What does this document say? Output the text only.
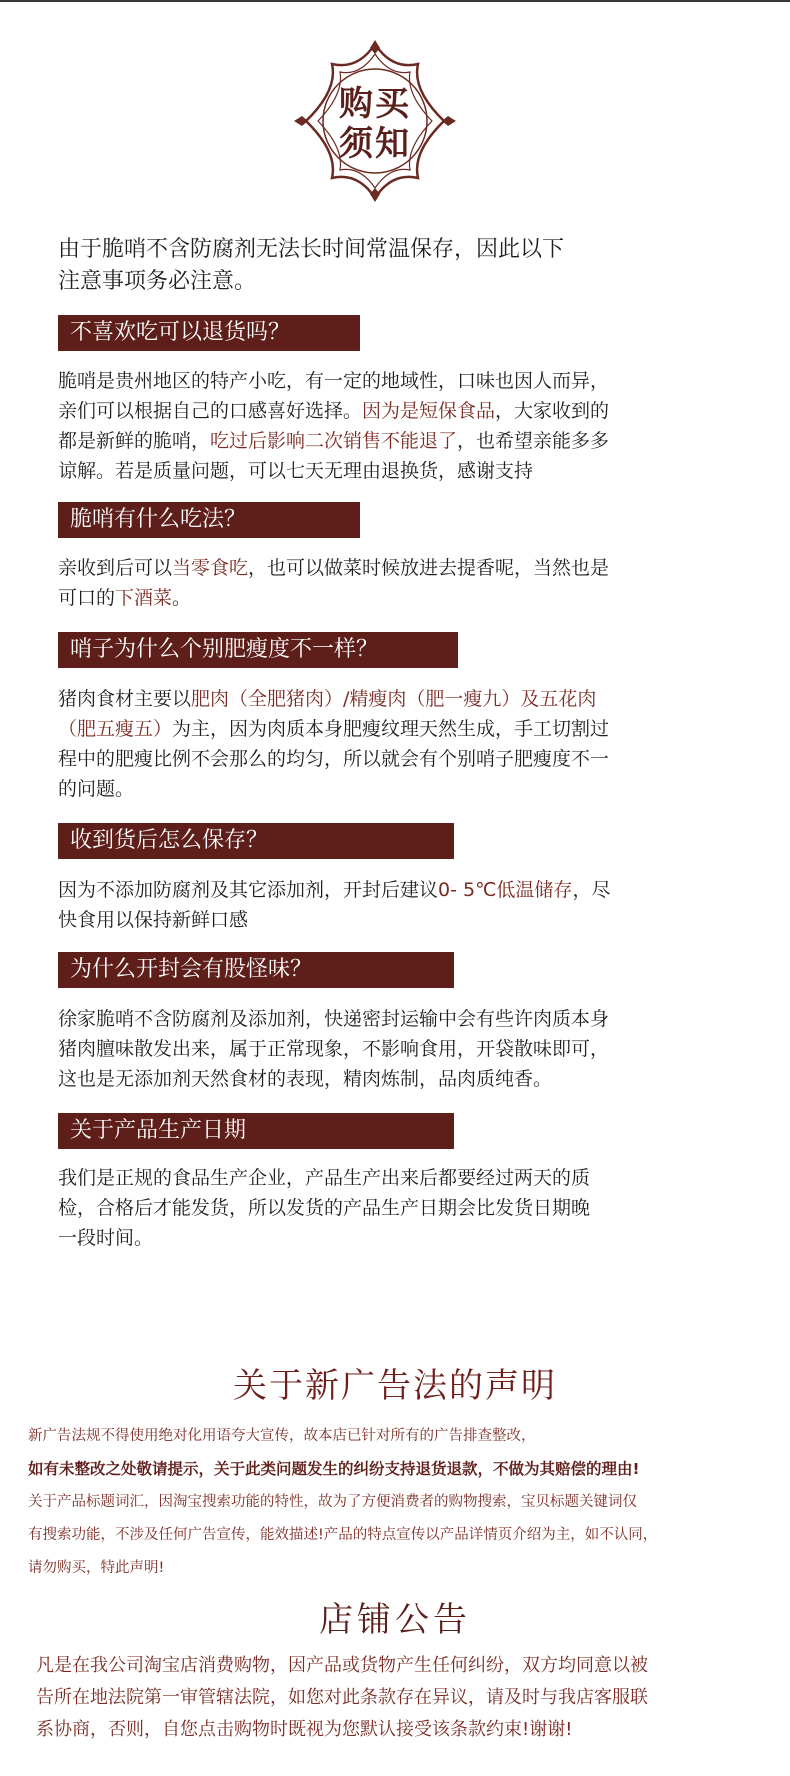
购买
须知
由于脆哨不含防腐剂无法长时间常温保存，因此以下
注意事项务必注意。
不喜欢吃可以退货吗？
脆哨是贵州地区的特产小吃，有一定的地域性，口味也因人而异，
亲们可以根据自己的口感喜好选择。因为是短保食品，大家收到的
都是新鲜的脆哨，吃过后影响二次销售不能退了，也希望亲能多多
谅解。若是质量问题，可以七天无理由退换货，感谢支持
脆哨有什么吃法？
亲收到后可以当零食吃，也可以做菜时候放进去提香呢，当然也是
可口的下酒菜。
哨子为什么个别肥瘦度不一样？
猪肉食材主要以肥肉（全肥猪肉）/精瘦肉（肥一瘦九）及五花肉
（肥五瘦五）为主，因为肉质本身肥瘦纹理天然生成，手工切割过
程中的肥瘦比例不会那么的均匀，所以就会有个别哨子肥瘦度不一
的问题。
收到货后怎么保存？
因为不添加防腐剂及其它添加剂，开封后建议0- 5℃低温储存，尽
快食用以保持新鲜口感
为什么开封会有股怪味？
徐家脆哨不含防腐剂及添加剂，快递密封运输中会有些许肉质本身
猪肉膻味散发出来，属于正常现象，不影响食用，开袋散味即可，
这也是无添加剂天然食材的表现，精肉炼制，品肉质纯香。
关于产品生产日期
我们是正规的食品生产企业，产品生产出来后都要经过两天的质
检，合格后才能发货，所以发货的产品生产日期会比发货日期晚
一段时间。
关于新广告法的声明
新广告法规不得使用绝对化用语夸大宣传，故本店已针对所有的广告排查整改，
如有未整改之处敬请提示，关于此类问题发生的纠纷支持退货退款，不做为其赔偿的理由!
关于产品标题词汇，因淘宝搜索功能的特性，故为了方便消费者的购物搜索，宝贝标题关键词仅
有搜索功能，不涉及任何广告宣传，能效描述!产品的特点宣传以产品详情页介绍为主，如不认同，
请勿购买，特此声明!
店铺公告
凡是在我公司淘宝店消费购物，因产品或货物产生任何纠纷，双方均同意以被
告所在地法院第一审管辖法院，如您对此条款存在异议，请及时与我店客服联
系协商，否则，自您点击购物时既视为您默认接受该条款约束!谢谢!
